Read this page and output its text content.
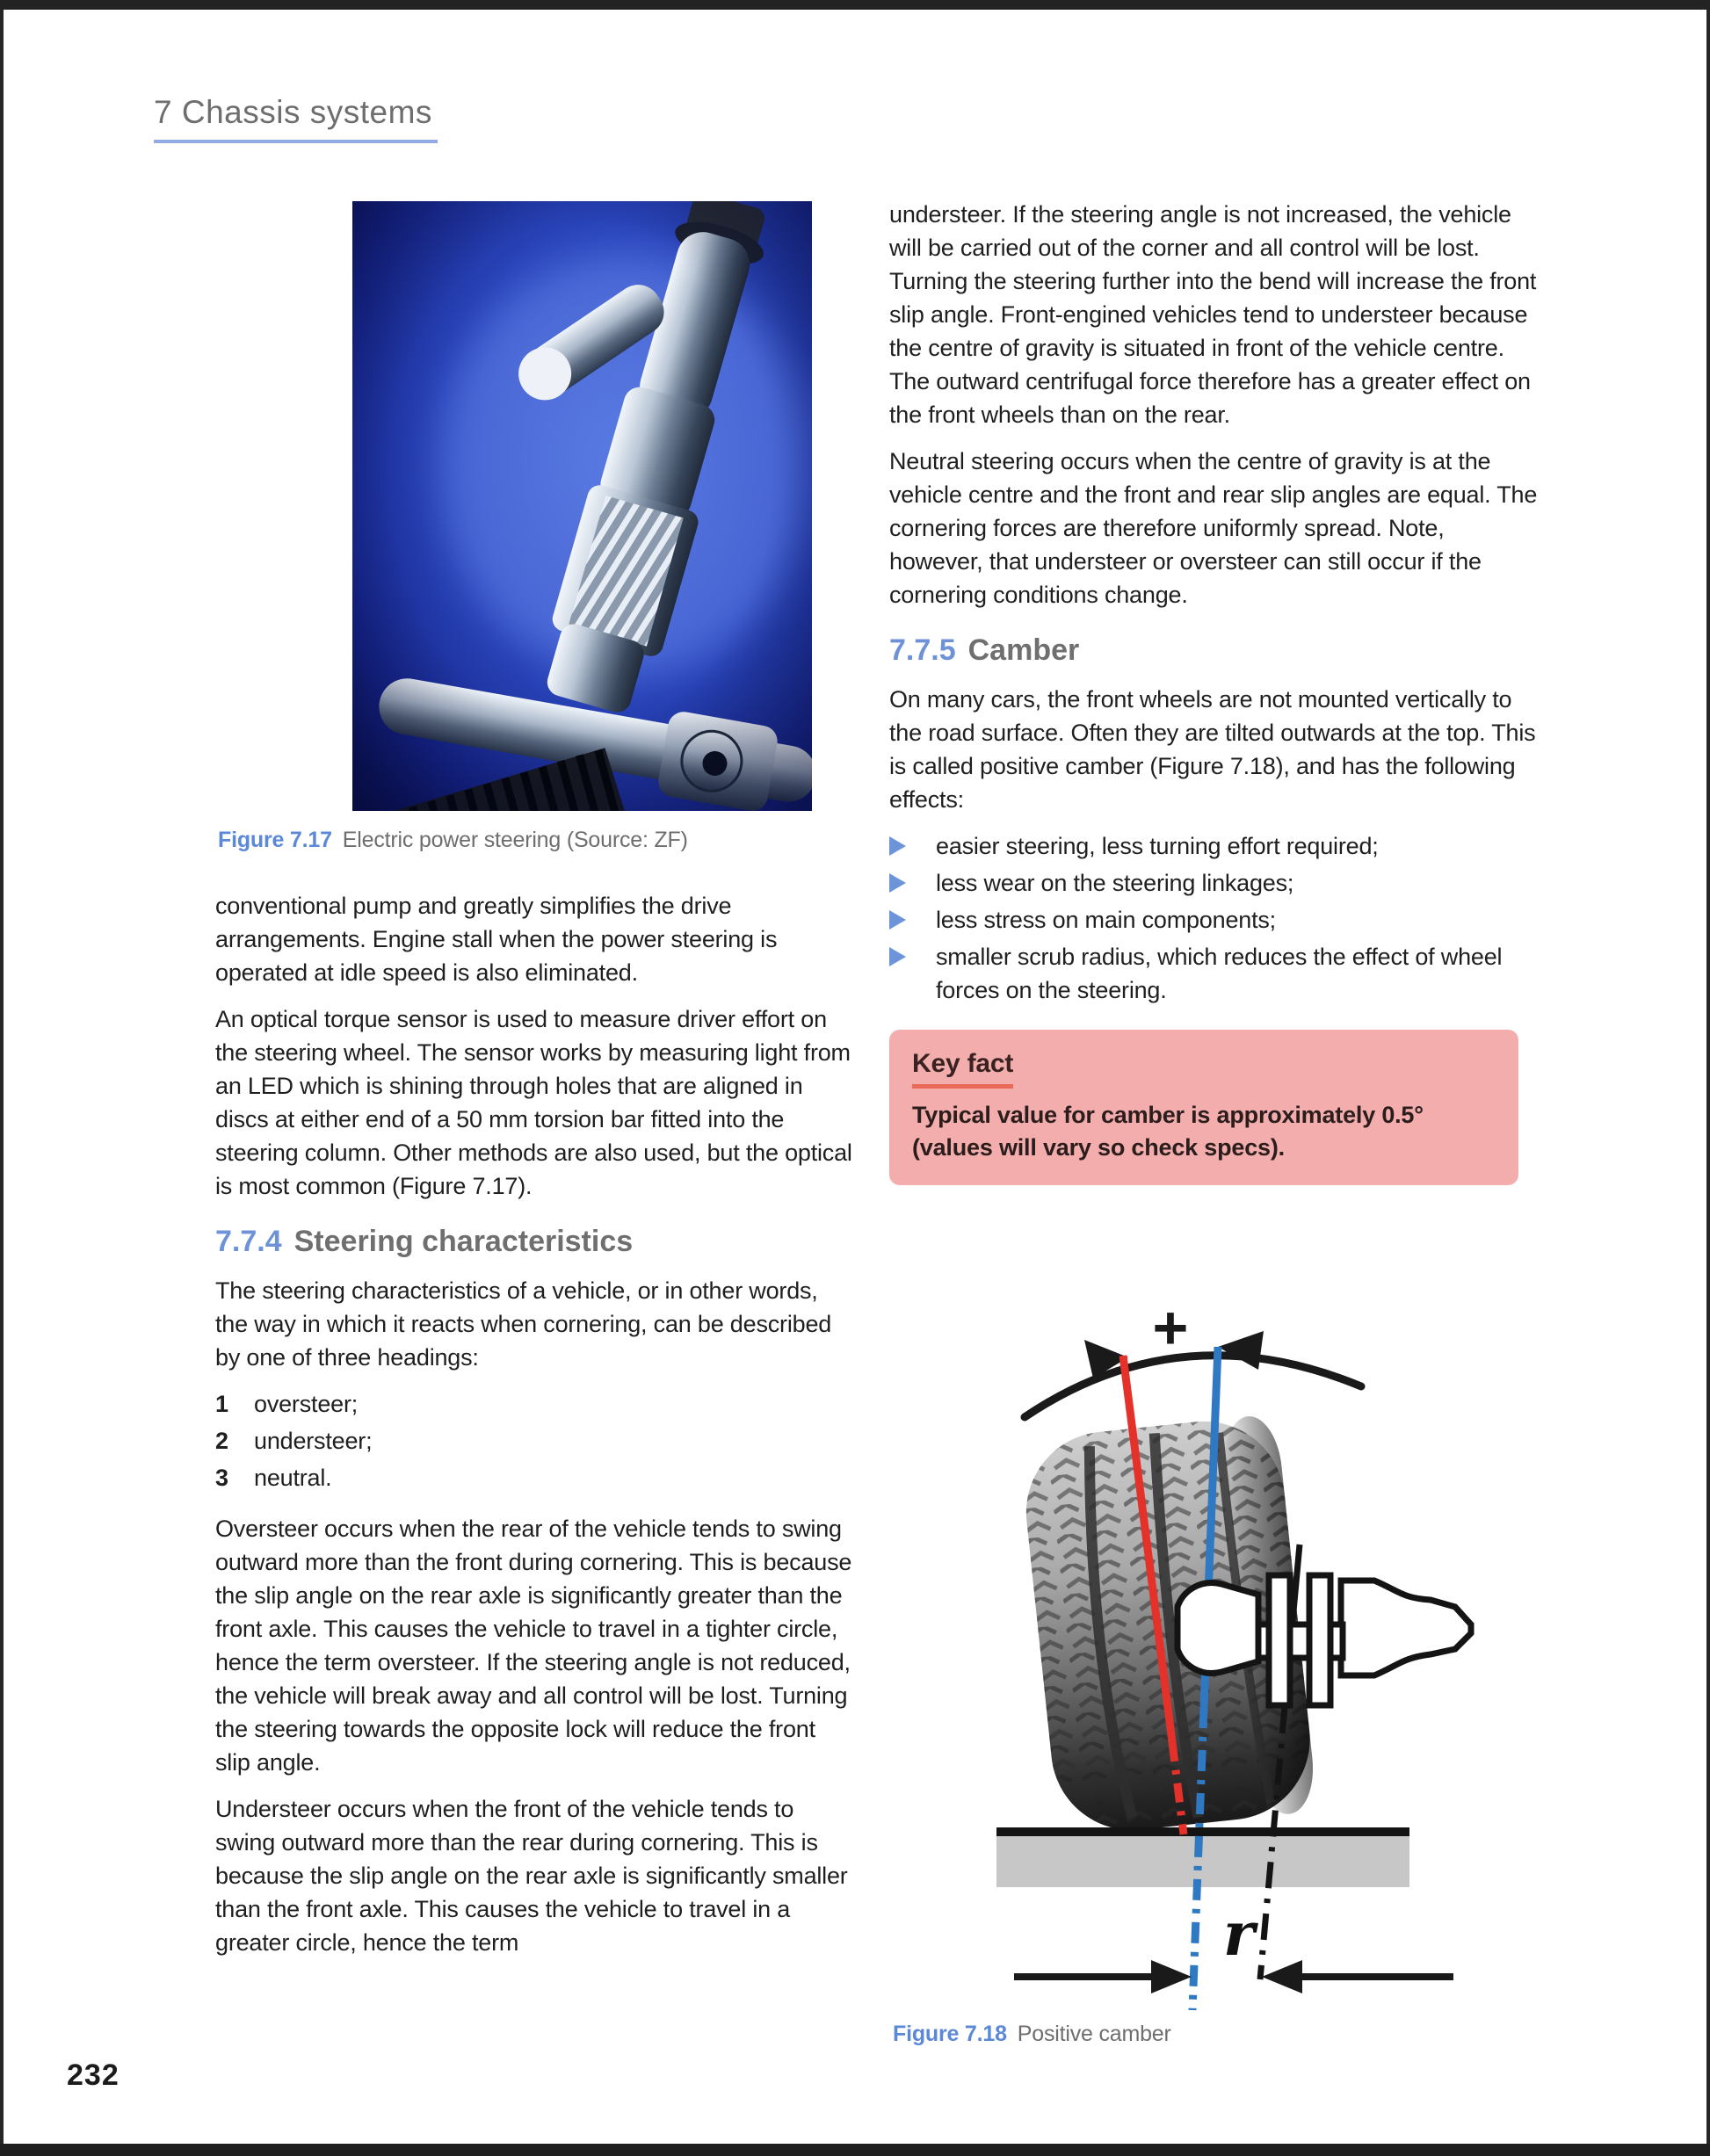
7 Chassis systems
Figure 7.17 Electric power steering (Source: ZF)

conventional pump and greatly simplifies the drive arrangements. Engine stall when the power steering is operated at idle speed is also eliminated.

An optical torque sensor is used to measure driver effort on the steering wheel. The sensor works by measuring light from an LED which is shining through holes that are aligned in discs at either end of a 50 mm torsion bar fitted into the steering column. Other methods are also used, but the optical is most common (Figure 7.17).

7.7.4 Steering characteristics

The steering characteristics of a vehicle, or in other words, the way in which it reacts when cornering, can be described by one of three headings:

1	oversteer;
2	understeer;
3	neutral.

Oversteer occurs when the rear of the vehicle tends to swing outward more than the front during cornering. This is because the slip angle on the rear axle is significantly greater than the front axle. This causes the vehicle to travel in a tighter circle, hence the term oversteer. If the steering angle is not reduced, the vehicle will break away and all control will be lost. Turning the steering towards the opposite lock will reduce the front slip angle.

Understeer occurs when the front of the vehicle tends to swing outward more than the rear during cornering. This is because the slip angle on the rear axle is significantly smaller than the front axle. This causes the vehicle to travel in a greater circle, hence the term

understeer. If the steering angle is not increased, the vehicle will be carried out of the corner and all control will be lost. Turning the steering further into the bend will increase the front slip angle. Front-engined vehicles tend to understeer because the centre of gravity is situated in front of the vehicle centre. The outward centrifugal force therefore has a greater effect on the front wheels than on the rear.

Neutral steering occurs when the centre of gravity is at the vehicle centre and the front and rear slip angles are equal. The cornering forces are therefore uniformly spread. Note, however, that understeer or oversteer can still occur if the cornering conditions change.

7.7.5 Camber

On many cars, the front wheels are not mounted vertically to the road surface. Often they are tilted outwards at the top. This is called positive camber (Figure 7.18), and has the following effects:

easier steering, less turning effort required;
less wear on the steering linkages;
less stress on main components;
smaller scrub radius, which reduces the effect of wheel forces on the steering.
Key fact
Typical value for camber is approximately 0.5° (values will vary so check specs).
+
r
Figure 7.18 Positive camber
232
